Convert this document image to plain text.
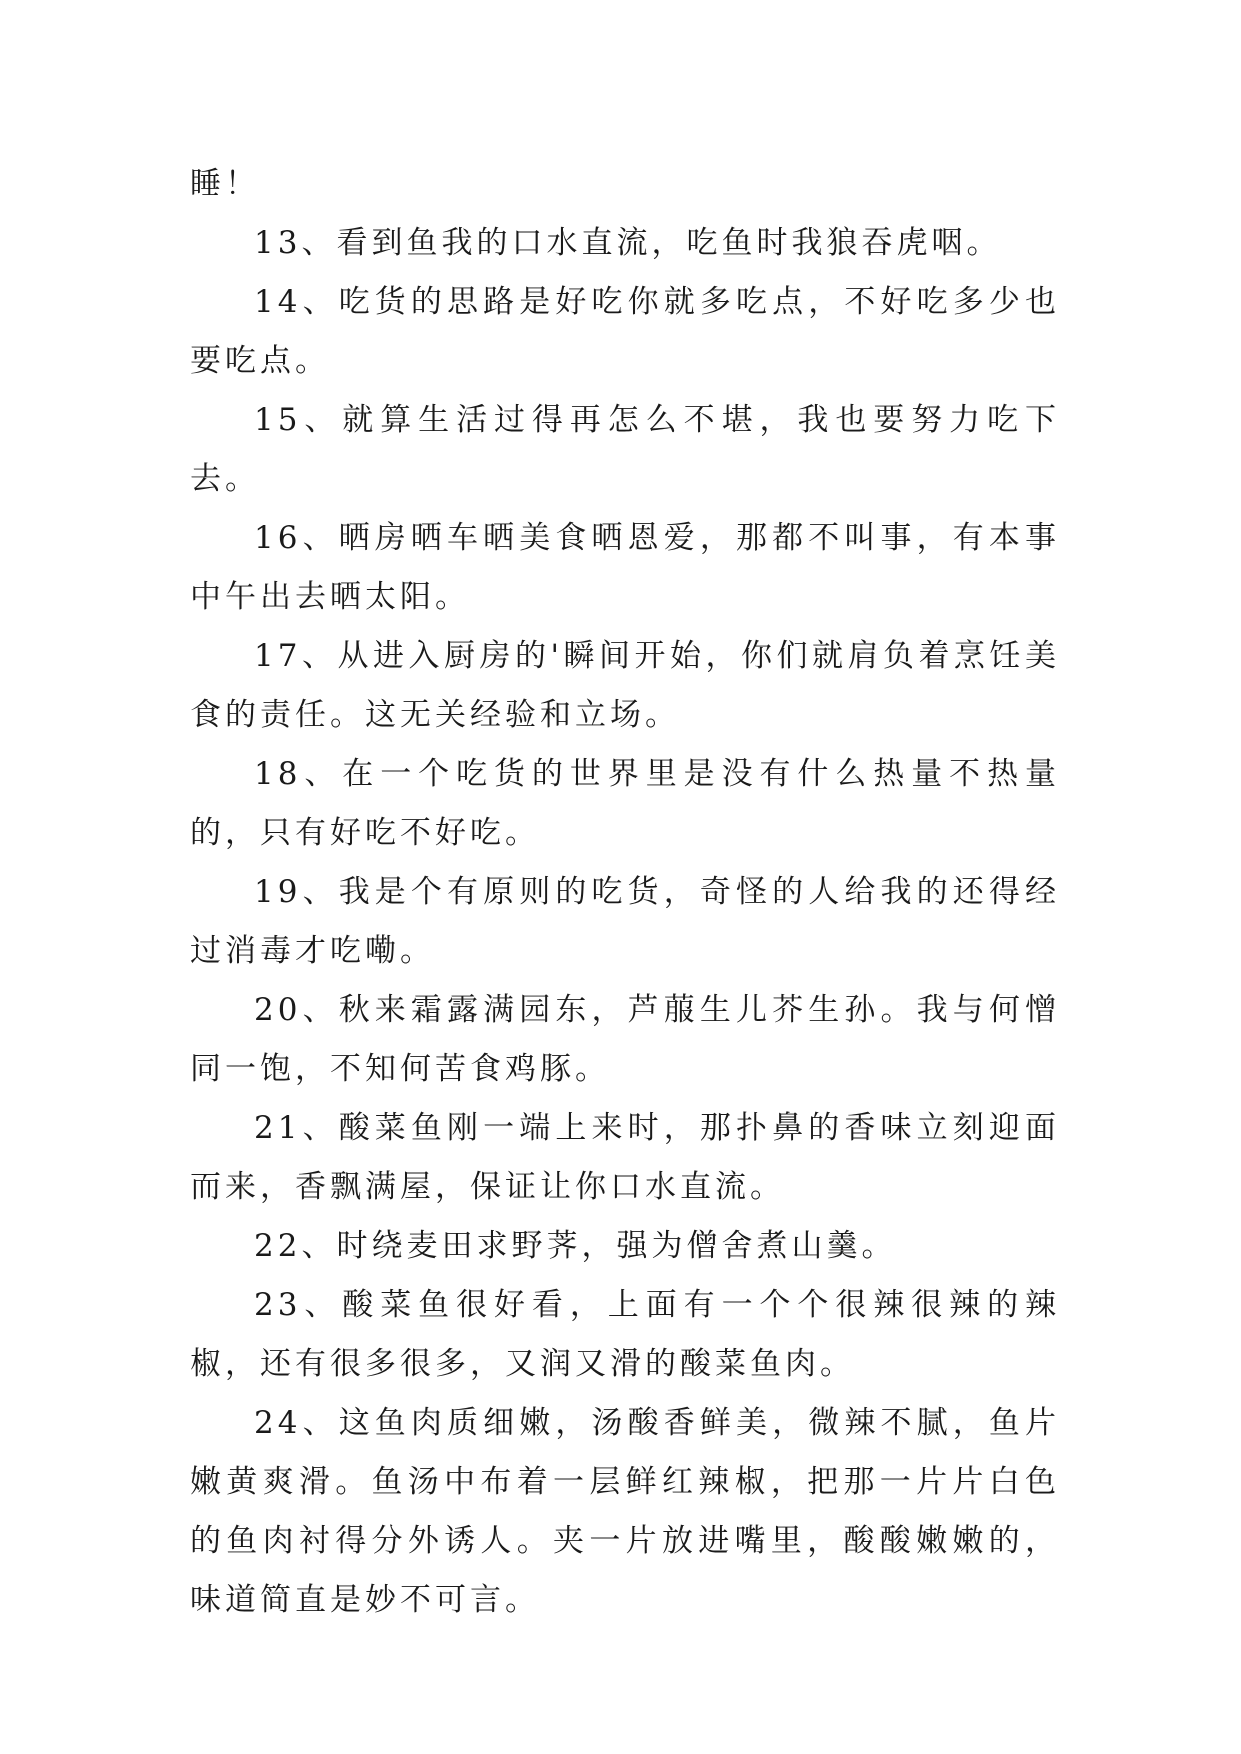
睡！

13、看到鱼我的口水直流，吃鱼时我狼吞虎咽。

14、吃货的思路是好吃你就多吃点，不好吃多少也要吃点。

15、就算生活过得再怎么不堪，我也要努力吃下去。

16、晒房晒车晒美食晒恩爱，那都不叫事，有本事中午出去晒太阳。

17、从进入厨房的'瞬间开始，你们就肩负着烹饪美食的责任。这无关经验和立场。

18、在一个吃货的世界里是没有什么热量不热量的，只有好吃不好吃。

19、我是个有原则的吃货，奇怪的人给我的还得经过消毒才吃嘞。

20、秋来霜露满园东，芦菔生儿芥生孙。我与何憎同一饱，不知何苦食鸡豚。

21、酸菜鱼刚一端上来时，那扑鼻的香味立刻迎面而来，香飘满屋，保证让你口水直流。

22、时绕麦田求野荠，强为僧舍煮山羹。

23、酸菜鱼很好看，上面有一个个很辣很辣的辣椒，还有很多很多，又润又滑的酸菜鱼肉。

24、这鱼肉质细嫩，汤酸香鲜美，微辣不腻，鱼片嫩黄爽滑。鱼汤中布着一层鲜红辣椒，把那一片片白色的鱼肉衬得分外诱人。夹一片放进嘴里，酸酸嫩嫩的，味道简直是妙不可言。
